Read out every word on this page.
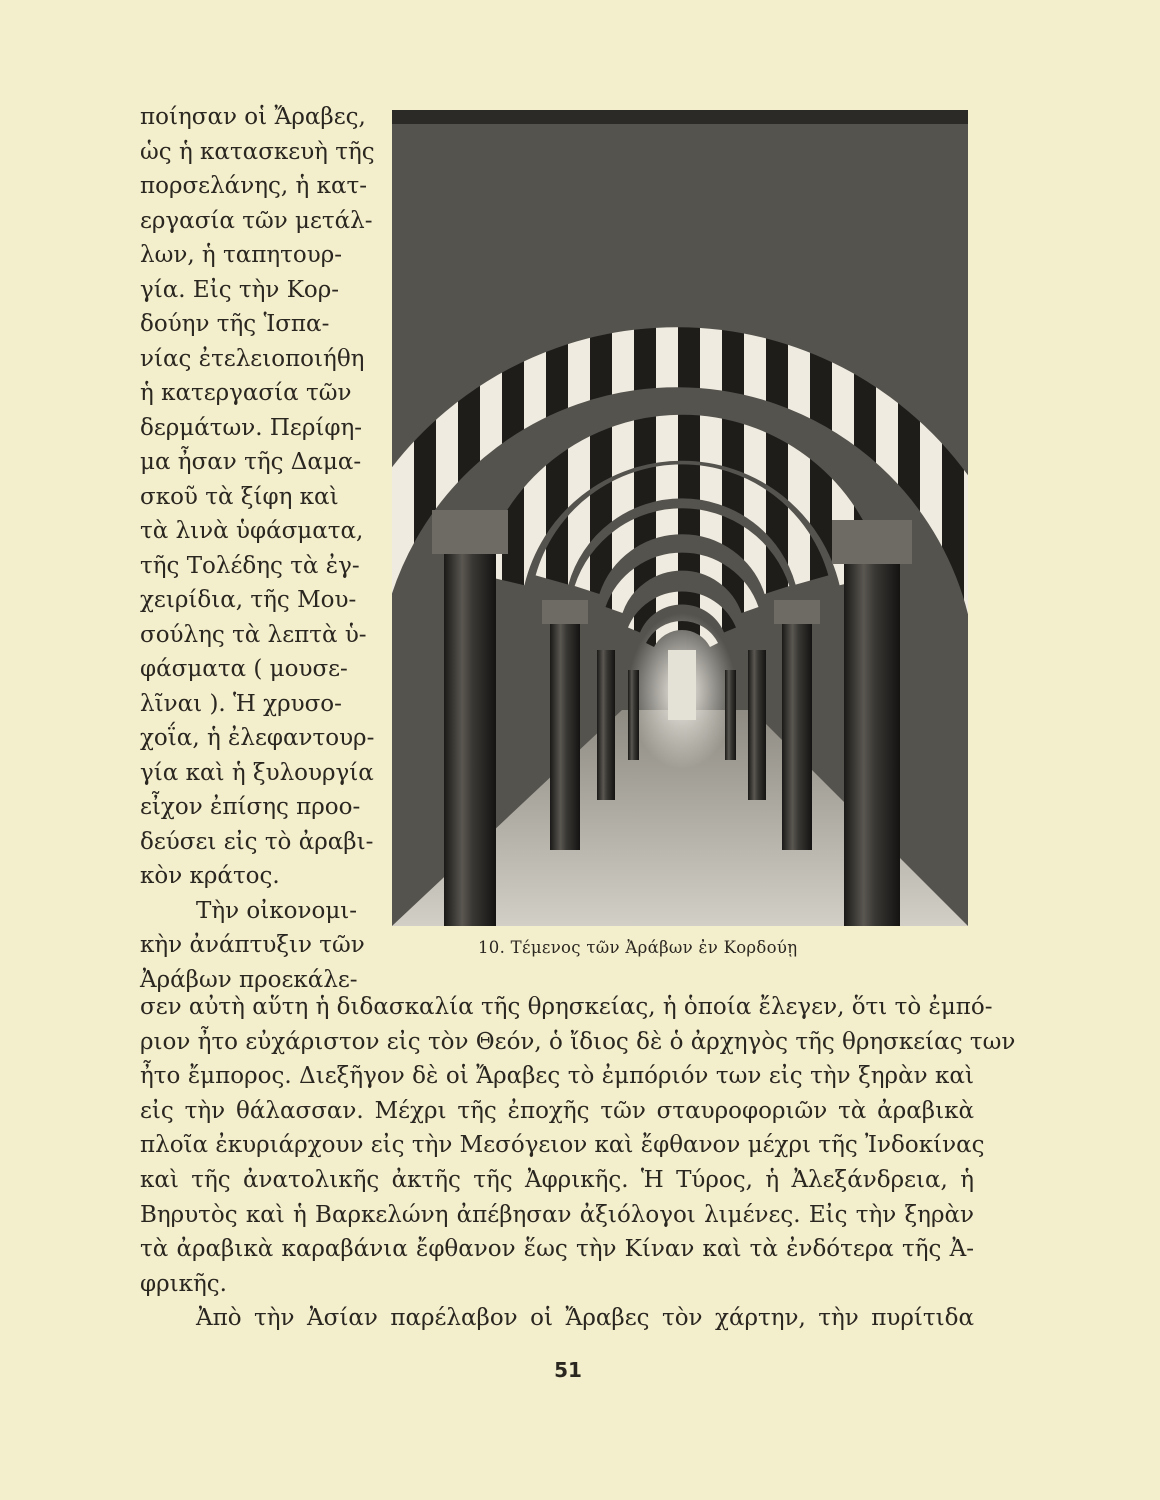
ποίησαν οἱ Ἄραβες,
ὡς ἡ κατασκευὴ τῆς
πορσελάνης, ἡ κατ-
εργασία τῶν μετάλ-
λων, ἡ ταπητουρ-
γία. Εἰς τὴν Κορ-
δούην τῆς Ἱσπα-
νίας ἐτελειοποιήθη
ἡ κατεργασία τῶν
δερμάτων. Περίφη-
μα ἦσαν τῆς Δαμα-
σκοῦ τὰ ξίφη καὶ
τὰ λινὰ ὑφάσματα,
τῆς Τολέδης τὰ ἐγ-
χειρίδια, τῆς Μου-
σούλης τὰ λεπτὰ ὑ-
φάσματα ( μουσε-
λῖναι ). Ἡ χρυσο-
χοΐα, ἡ ἐλεφαντουρ-
γία καὶ ἡ ξυλουργία
εἶχον ἐπίσης προο-
δεύσει εἰς τὸ ἀραβι-
κὸν κράτος.
Τὴν οἰκονομι-
κὴν ἀνάπτυξιν τῶν
Ἀράβων προεκάλε-
10. Τέμενος τῶν Ἀράβων ἐν Κορδούῃ
σεν αὐτὴ αὕτη ἡ διδασκαλία τῆς θρησκείας, ἡ ὁποία ἔλεγεν, ὅτι τὸ ἐμπό-
ριον ἦτο εὐχάριστον εἰς τὸν Θεόν, ὁ ἴδιος δὲ ὁ ἀρχηγὸς τῆς θρησκείας των
ἦτο ἔμπορος. Διεξῆγον δὲ οἱ Ἄραβες τὸ ἐμπόριόν των εἰς τὴν ξηρὰν καὶ
εἰς τὴν θάλασσαν. Μέχρι τῆς ἐποχῆς τῶν σταυροφοριῶν τὰ ἀραβικὰ
πλοῖα ἐκυριάρχουν εἰς τὴν Μεσόγειον καὶ ἔφθανον μέχρι τῆς Ἰνδοκίνας
καὶ τῆς ἀνατολικῆς ἀκτῆς τῆς Ἀφρικῆς. Ἡ Τύρος, ἡ Ἀλεξάνδρεια, ἡ
Βηρυτὸς καὶ ἡ Βαρκελώνη ἀπέβησαν ἀξιόλογοι λιμένες. Εἰς τὴν ξηρὰν
τὰ ἀραβικὰ καραβάνια ἔφθανον ἕως τὴν Κίναν καὶ τὰ ἐνδότερα τῆς Ἀ-
φρικῆς.
Ἀπὸ τὴν Ἀσίαν παρέλαβον οἱ Ἄραβες τὸν χάρτην, τὴν πυρίτιδα
51
